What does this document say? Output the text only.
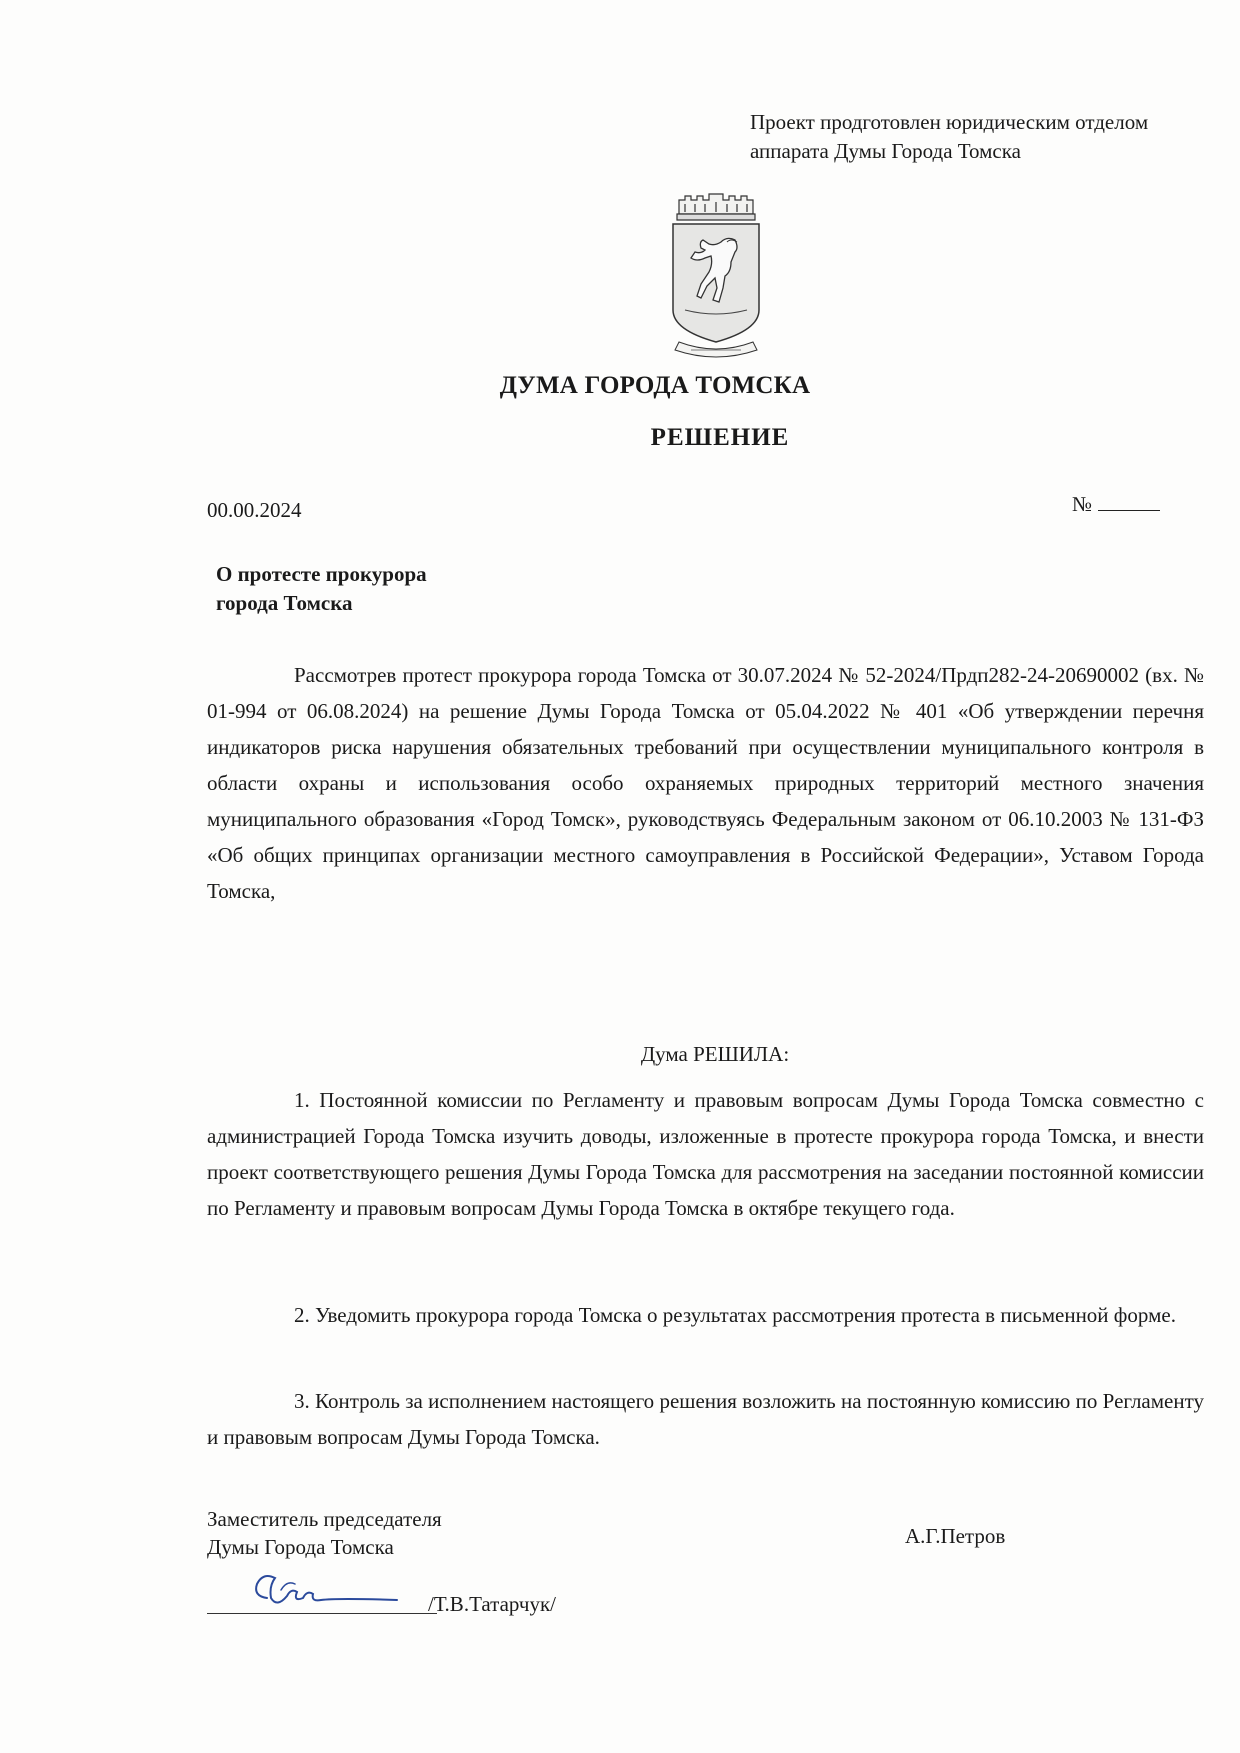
Проект продготовлен юридическим отделом
аппарата Думы Города Томска
ДУМА ГОРОДА ТОМСКА
РЕШЕНИЕ
00.00.2024	№
О протесте прокурора
города Томска
Рассмотрев протест прокурора города Томска от 30.07.2024 № 52-2024/Прдп282-24-20690002 (вх. № 01-994 от 06.08.2024) на решение Думы Города Томска от 05.04.2022 № 401 «Об утверждении перечня индикаторов риска нарушения обязательных требований при осуществлении муниципального контроля в области охраны и использования особо охраняемых природных территорий местного значения муниципального образования «Город Томск», руководствуясь Федеральным законом от 06.10.2003 № 131-ФЗ «Об общих принципах организации местного самоуправления в Российской Федерации», Уставом Города Томска,
Дума РЕШИЛА:
1. Постоянной комиссии по Регламенту и правовым вопросам Думы Города Томска совместно с администрацией Города Томска изучить доводы, изложенные в протесте прокурора города Томска, и внести проект соответствующего решения Думы Города Томска для рассмотрения на заседании постоянной комиссии по Регламенту и правовым вопросам Думы Города Томска в октябре текущего года.
2. Уведомить прокурора города Томска о результатах рассмотрения протеста в письменной форме.
3. Контроль за исполнением настоящего решения возложить на постоянную комиссию по Регламенту и правовым вопросам Думы Города Томска.
Заместитель председателя
Думы Города Томска	А.Г.Петров
/Т.В.Татарчук/
